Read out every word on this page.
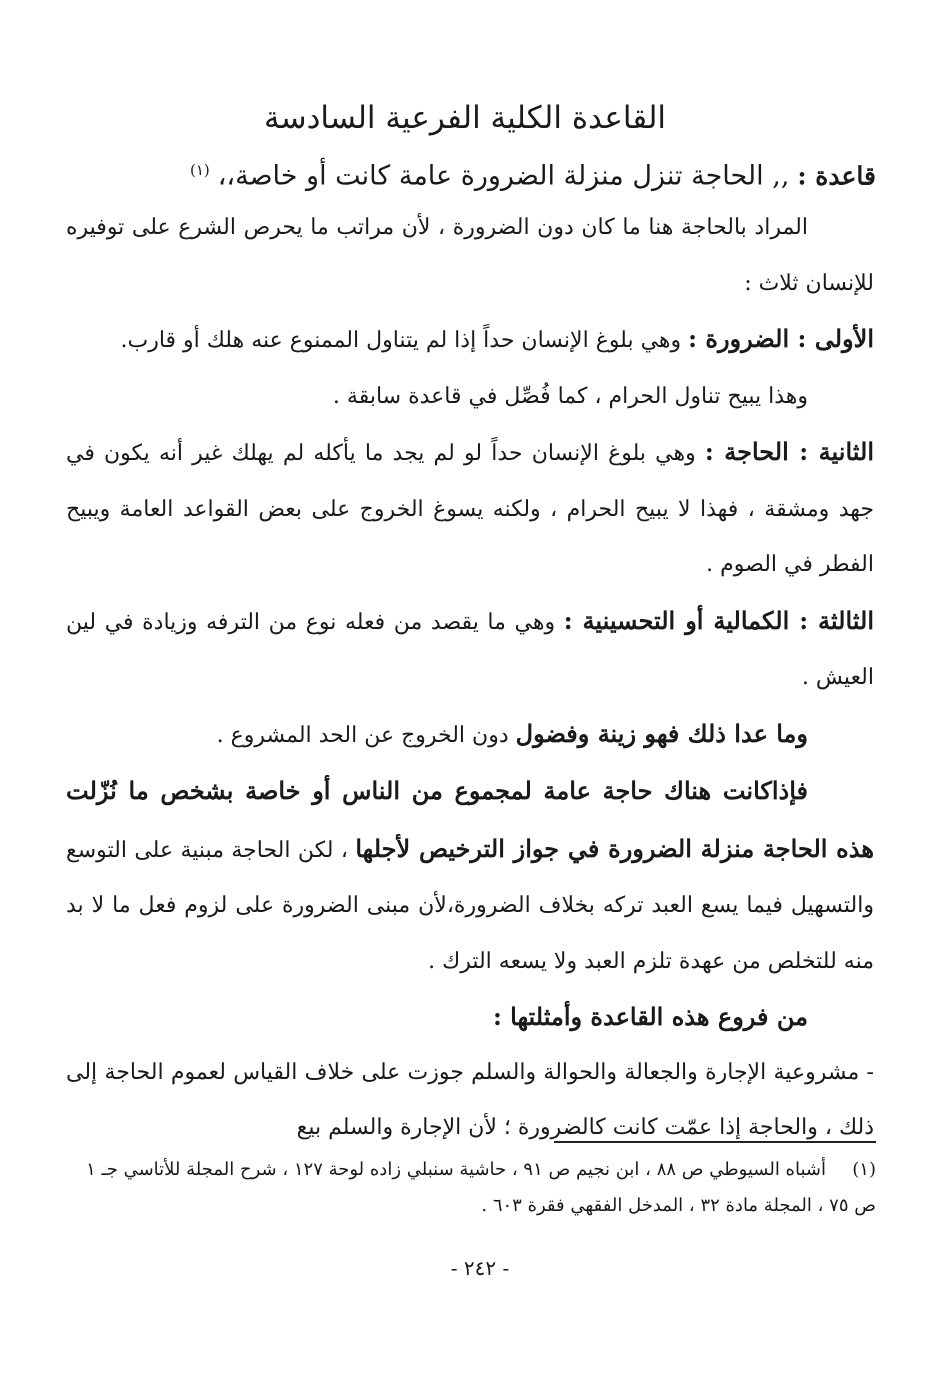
القاعدة الكلية الفرعية السادسة
قاعدة : ,, الحاجة تنزل منزلة الضرورة عامة كانت أو خاصة،، $^{(١)}$

المراد بالحاجة هنا ما كان دون الضرورة ، لأن مراتب ما يحرص الشرع على توفيره للإنسان ثلاث :

الأولى : الضرورة : وهي بلوغ الإنسان حداً إذا لم يتناول الممنوع عنه هلك أو قارب.

وهذا يبيح تناول الحرام ، كما فُصِّل في قاعدة سابقة .

الثانية : الحاجة : وهي بلوغ الإنسان حداً لو لم يجد ما يأكله لم يهلك غير أنه يكون في جهد ومشقة ، فهذا لا يبيح الحرام ، ولكنه يسوغ الخروج على بعض القواعد العامة ويبيح الفطر في الصوم .

الثالثة : الكمالية أو التحسينية : وهي ما يقصد من فعله نوع من الترفه وزيادة في لين العيش .

وما عدا ذلك فهو زينة وفضول دون الخروج عن الحد المشروع .

فإذاكانت هناك حاجة عامة لمجموع من الناس أو خاصة بشخص ما نُزّلت هذه الحاجة منزلة الضرورة في جواز الترخيص لأجلها ، لكن الحاجة مبنية على التوسع والتسهيل فيما يسع العبد تركه بخلاف الضرورة،لأن مبنى الضرورة على لزوم فعل ما لا بد منه للتخلص من عهدة تلزم العبد ولا يسعه الترك .

من فروع هذه القاعدة وأمثلتها :

- مشروعية الإجارة والجعالة والحوالة والسلم جوزت على خلاف القياس لعموم الحاجة إلى ذلك ، والحاجة إذا عمّت كانت كالضرورة ؛ لأن الإجارة والسلم بيع

(١)أشباه السيوطي ص ٨٨ ، ابن نجيم ص ٩١ ، حاشية سنبلي زاده لوحة ١٢٧ ، شرح المجلة للأتاسي جـ ١ ص ٧٥ ، المجلة مادة ٣٢ ، المدخل الفقهي فقرة ٦٠٣ .

- ٢٤٢ -
